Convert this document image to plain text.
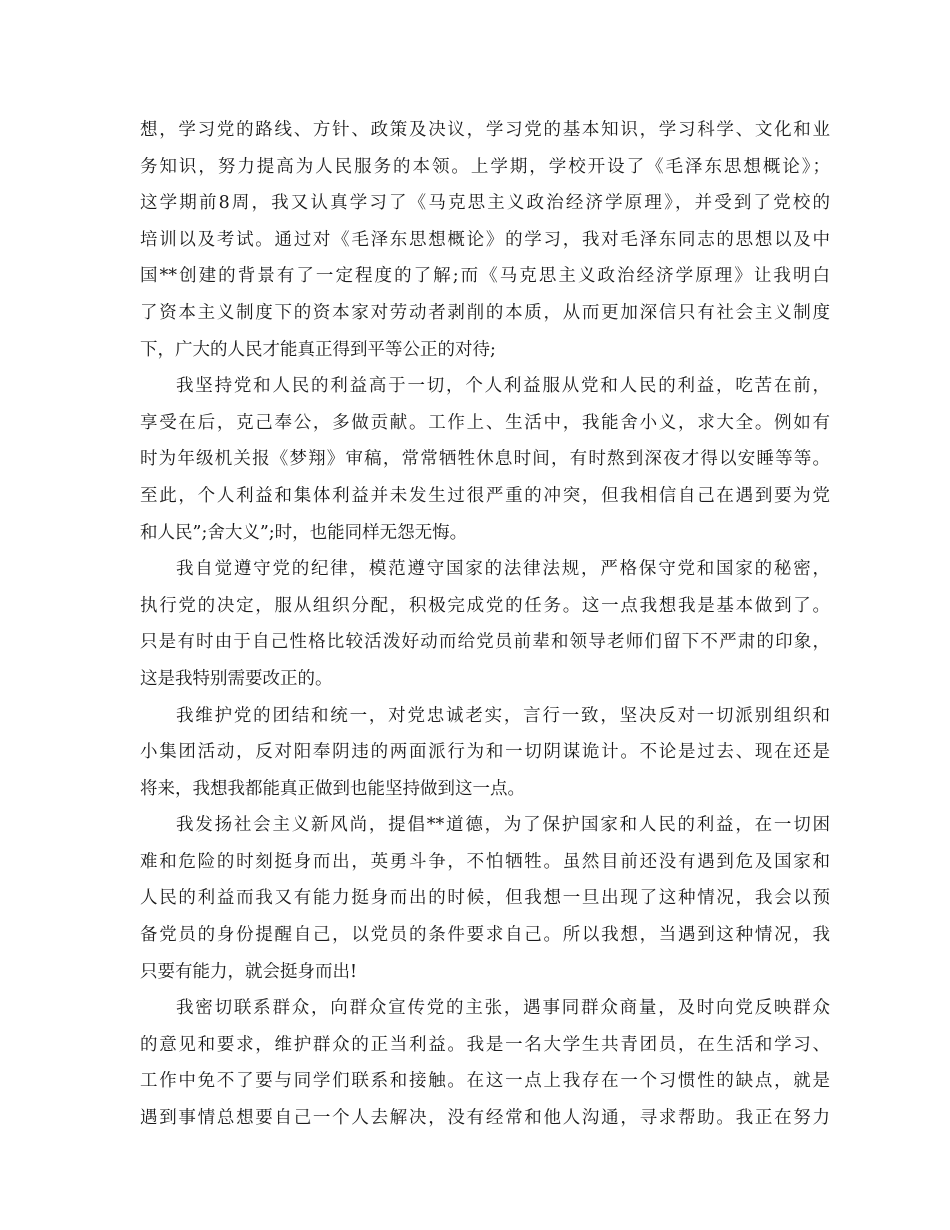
想，学习党的路线、方针、政策及决议，学习党的基本知识，学习科学、文化和业
务知识，努力提高为人民服务的本领。上学期，学校开设了《毛泽东思想概论》；
这学期前8周，我又认真学习了《马克思主义政治经济学原理》，并受到了党校的
培训以及考试。通过对《毛泽东思想概论》的学习，我对毛泽东同志的思想以及中
国**创建的背景有了一定程度的了解;而《马克思主义政治经济学原理》让我明白
了资本主义制度下的资本家对劳动者剥削的本质，从而更加深信只有社会主义制度
下，广大的人民才能真正得到平等公正的对待;
我坚持党和人民的利益高于一切，个人利益服从党和人民的利益，吃苦在前，
享受在后，克己奉公，多做贡献。工作上、生活中，我能舍小义，求大全。例如有
时为年级机关报《梦翔》审稿，常常牺牲休息时间，有时熬到深夜才得以安睡等等。
至此，个人利益和集体利益并未发生过很严重的冲突，但我相信自己在遇到要为党
和人民”;舍大义”;时，也能同样无怨无悔。
我自觉遵守党的纪律，模范遵守国家的法律法规，严格保守党和国家的秘密，
执行党的决定，服从组织分配，积极完成党的任务。这一点我想我是基本做到了。
只是有时由于自己性格比较活泼好动而给党员前辈和领导老师们留下不严肃的印象，
这是我特别需要改正的。
我维护党的团结和统一，对党忠诚老实，言行一致，坚决反对一切派别组织和
小集团活动，反对阳奉阴违的两面派行为和一切阴谋诡计。不论是过去、现在还是
将来，我想我都能真正做到也能坚持做到这一点。
我发扬社会主义新风尚，提倡**道德，为了保护国家和人民的利益，在一切困
难和危险的时刻挺身而出，英勇斗争，不怕牺牲。虽然目前还没有遇到危及国家和
人民的利益而我又有能力挺身而出的时候，但我想一旦出现了这种情况，我会以预
备党员的身份提醒自己，以党员的条件要求自己。所以我想，当遇到这种情况，我
只要有能力，就会挺身而出!
我密切联系群众，向群众宣传党的主张，遇事同群众商量，及时向党反映群众
的意见和要求，维护群众的正当利益。我是一名大学生共青团员，在生活和学习、
工作中免不了要与同学们联系和接触。在这一点上我存在一个习惯性的缺点，就是
遇到事情总想要自己一个人去解决，没有经常和他人沟通，寻求帮助。我正在努力
